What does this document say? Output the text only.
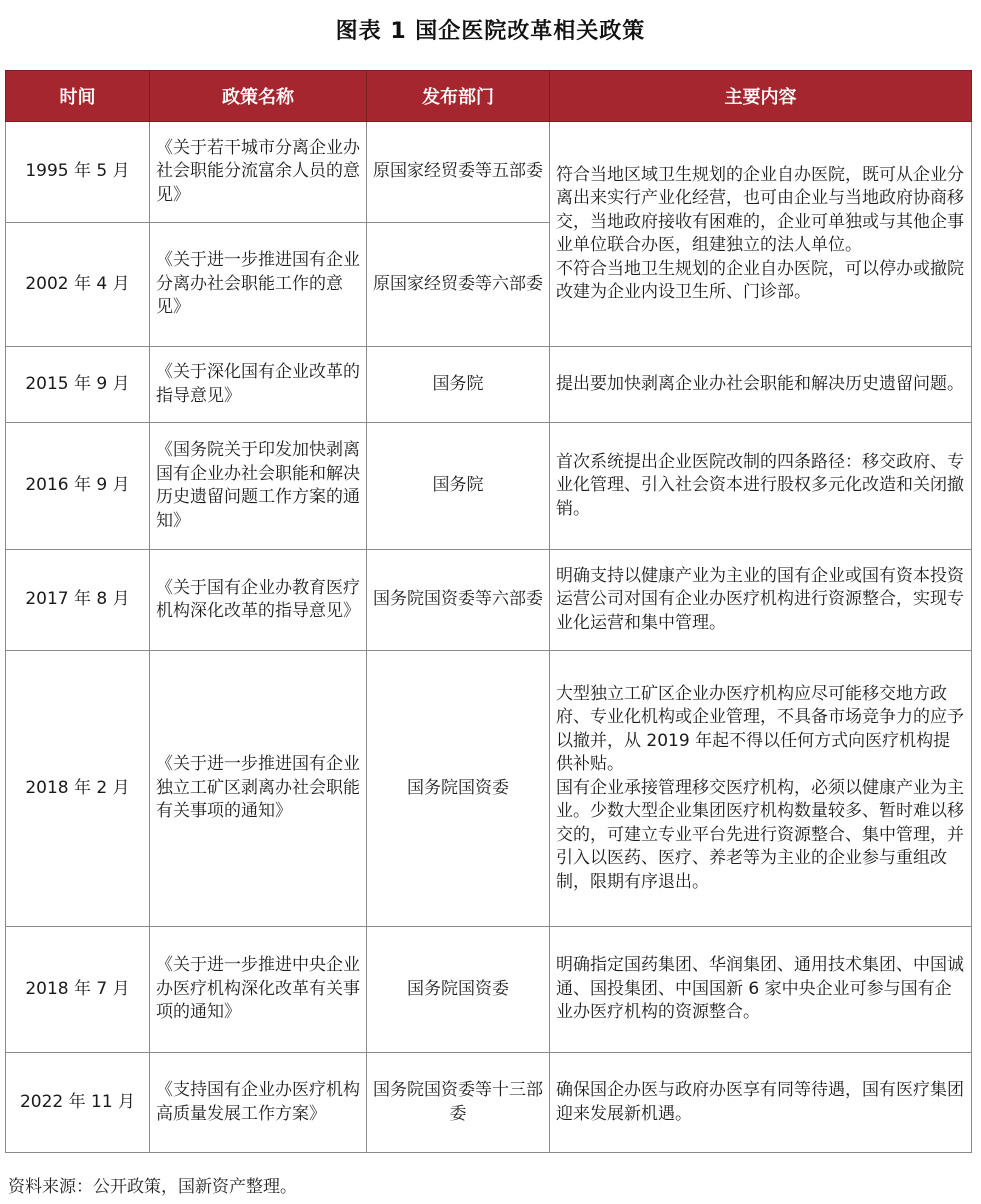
图表 1 国企医院改革相关政策
时间	政策名称	发布部门	主要内容
1995 年 5 月	《关于若干城市分离企业办社会职能分流富余人员的意见》	原国家经贸委等五部委	符合当地区域卫生规划的企业自办医院，既可从企业分离出来实行产业化经营，也可由企业与当地政府协商移交，当地政府接收有困难的，企业可单独或与其他企事业单位联合办医，组建独立的法人单位。
不符合当地卫生规划的企业自办医院，可以停办或撤院改建为企业内设卫生所、门诊部。

2002 年 4 月	《关于进一步推进国有企业分离办社会职能工作的意见》	原国家经贸委等六部委	
2015 年 9 月	《关于深化国有企业改革的指导意见》	国务院	提出要加快剥离企业办社会职能和解决历史遗留问题。
2016 年 9 月	《国务院关于印发加快剥离国有企业办社会职能和解决历史遗留问题工作方案的通知》	国务院	首次系统提出企业医院改制的四条路径：移交政府、专业化管理、引入社会资本进行股权多元化改造和关闭撤销。
2017 年 8 月	《关于国有企业办教育医疗机构深化改革的指导意见》	国务院国资委等六部委	明确支持以健康产业为主业的国有企业或国有资本投资运营公司对国有企业办医疗机构进行资源整合，实现专业化运营和集中管理。
2018 年 2 月	《关于进一步推进国有企业独立工矿区剥离办社会职能有关事项的通知》	国务院国资委	大型独立工矿区企业办医疗机构应尽可能移交地方政府、专业化机构或企业管理，不具备市场竞争力的应予以撤并，从 2019 年起不得以任何方式向医疗机构提供补贴。
国有企业承接管理移交医疗机构，必须以健康产业为主业。少数大型企业集团医疗机构数量较多、暂时难以移交的，可建立专业平台先进行资源整合、集中管理，并引入以医药、医疗、养老等为主业的企业参与重组改制，限期有序退出。

2018 年 7 月	《关于进一步推进中央企业办医疗机构深化改革有关事项的通知》	国务院国资委	明确指定国药集团、华润集团、通用技术集团、中国诚通、国投集团、中国国新 6 家中央企业可参与国有企业办医疗机构的资源整合。
2022 年 11 月	《支持国有企业办医疗机构高质量发展工作方案》	国务院国资委等十三部委	确保国企办医与政府办医享有同等待遇，国有医疗集团迎来发展新机遇。
资料来源：公开政策，国新资产整理。
